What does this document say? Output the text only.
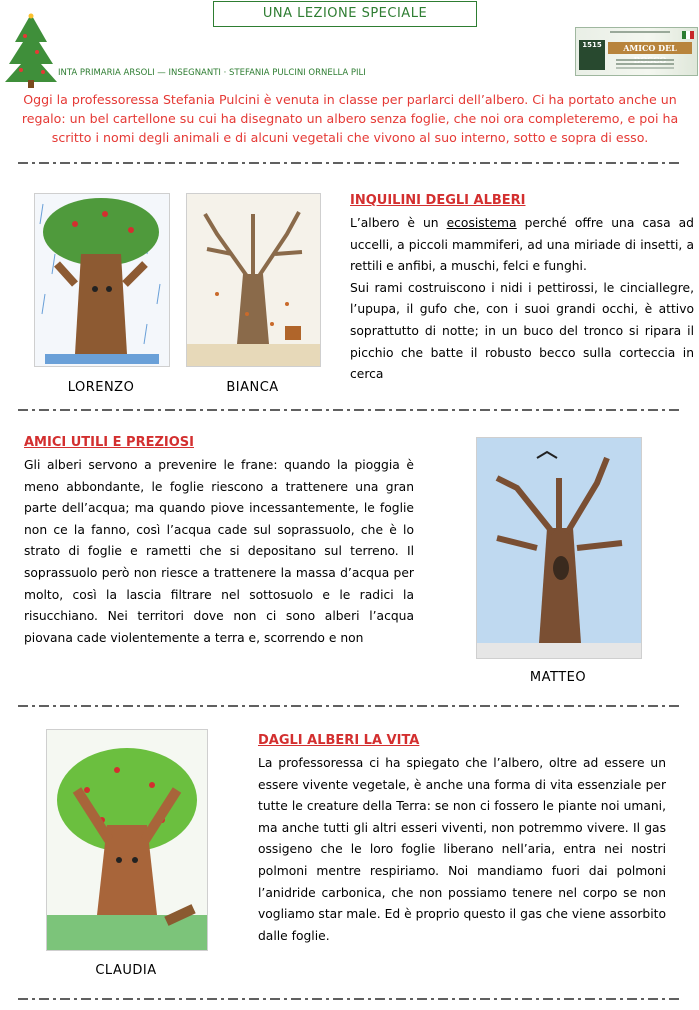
UNA LEZIONE SPECIALE
INTA PRIMARIA ARSOLI — INSEGNANTI · STEFANIA PULCINI ORNELLA PILI
1515	AMICO DEL
Oggi la professoressa Stefania Pulcini è venuta in classe per parlarci dell’albero. Ci ha portato anche un regalo: un bel cartellone su cui ha disegnato un albero senza foglie, che noi ora completeremo, e poi ha scritto i nomi degli animali e di alcuni vegetali che vivono al suo interno, sotto e sopra di esso.
LORENZO	BIANCA
INQUILINI DEGLI ALBERI
L’albero è un ecosistema perché offre una casa ad uccelli, a piccoli mammiferi, ad una miriade di insetti, a rettili e anfibi, a muschi, felci e funghi.
Sui rami costruiscono i nidi i pettirossi, le cinciallegre, l’upupa, il gufo che, con i suoi grandi occhi, è attivo soprattutto di notte; in un buco del tronco si ripara il picchio che batte il robusto becco sulla corteccia in cerca
AMICI UTILI E PREZIOSI
Gli alberi servono a prevenire le frane: quando la pioggia è meno abbondante, le foglie riescono a trattenere una gran parte dell’acqua; ma quando piove incessantemente, le foglie non ce la fanno, così l’acqua cade sul soprassuolo, che è lo strato di foglie e rametti che si depositano sul terreno. Il soprassuolo però non riesce a trattenere la massa d’acqua per molto, così la lascia filtrare nel sottosuolo e le radici la risucchiano. Nei territori dove non ci sono alberi l’acqua piovana cade violentemente a terra e, scorrendo e non
MATTEO
CLAUDIA
DAGLI ALBERI LA VITA
La professoressa ci ha spiegato che l’albero, oltre ad essere un essere vivente vegetale, è anche una forma di vita essenziale per tutte le creature della Terra: se non ci fossero le piante noi umani, ma anche tutti gli altri esseri viventi, non potremmo vivere. Il gas ossigeno che le loro foglie liberano nell’aria, entra nei nostri polmoni mentre respiriamo. Noi mandiamo fuori dai polmoni l’anidride carbonica, che non possiamo tenere nel corpo se non vogliamo star male. Ed è proprio questo il gas che viene assorbito dalle foglie.
